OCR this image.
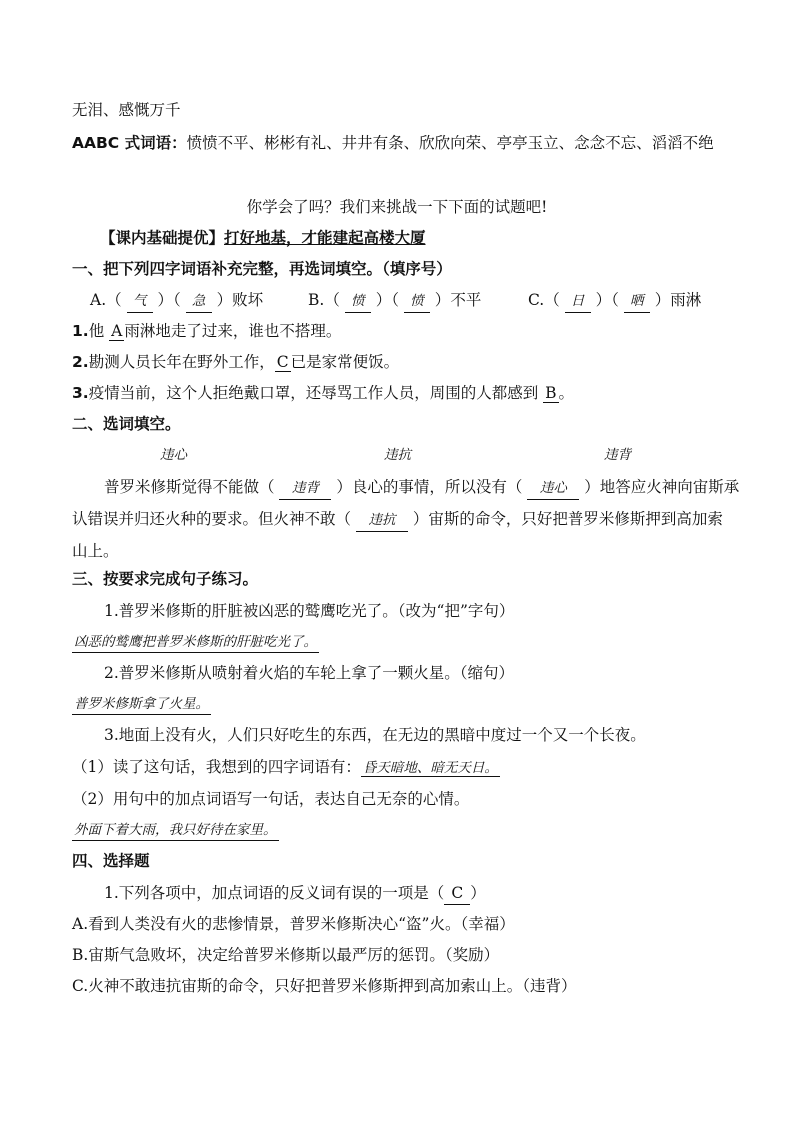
无泪、感慨万千
AABC 式词语：愤愤不平、彬彬有礼、井井有条、欣欣向荣、亭亭玉立、念念不忘、滔滔不绝
你学会了吗？我们来挑战一下下面的试题吧!
【课内基础提优】打好地基，才能建起高楼大厦
一、把下列四字词语补充完整，再选词填空。（填序号）
A.（ 气 ）（ 急 ）败坏	B.（ 愤 ）（ 愤 ）不平	C.（ 日 ）（ 晒 ）雨淋
1.他 A 雨淋地走了过来，谁也不搭理。
2.勘测人员长年在野外工作， C 已是家常便饭。
3.疫情当前，这个人拒绝戴口罩，还辱骂工作人员，周围的人都感到 B 。
二、选词填空。
违心	违抗	违背
普罗米修斯觉得不能做（ 违背 ）良心的事情，所以没有（ 违心 ）地答应火神向宙斯承
认错误并归还火种的要求。但火神不敢（ 违抗 ）宙斯的命令，只好把普罗米修斯押到高加索
山上。
三、按要求完成句子练习。
1.普罗米修斯的肝脏被凶恶的鹫鹰吃光了。（改为“把”字句）
凶恶的鹫鹰把普罗米修斯的肝脏吃光了。
2.普罗米修斯从喷射着火焰的车轮上拿了一颗火星。（缩句）
普罗米修斯拿了火星。
3.地面上没有火，人们只好吃生的东西，在无边的黑暗中度过一个又一个长夜。
（1）读了这句话，我想到的四字词语有： 昏天暗地、暗无天日。
（2）用句中的加点词语写一句话，表达自己无奈的心情。
外面下着大雨，我只好待在家里。
四、选择题
1.下列各项中，加点词语的反义词有误的一项是（ C ）
A.看到人类没有火的悲惨情景，普罗米修斯决心“盗”火。（幸福）
B.宙斯气急败坏，决定给普罗米修斯以最严厉的惩罚。（奖励）
C.火神不敢违抗宙斯的命令，只好把普罗米修斯押到高加索山上。（违背）
